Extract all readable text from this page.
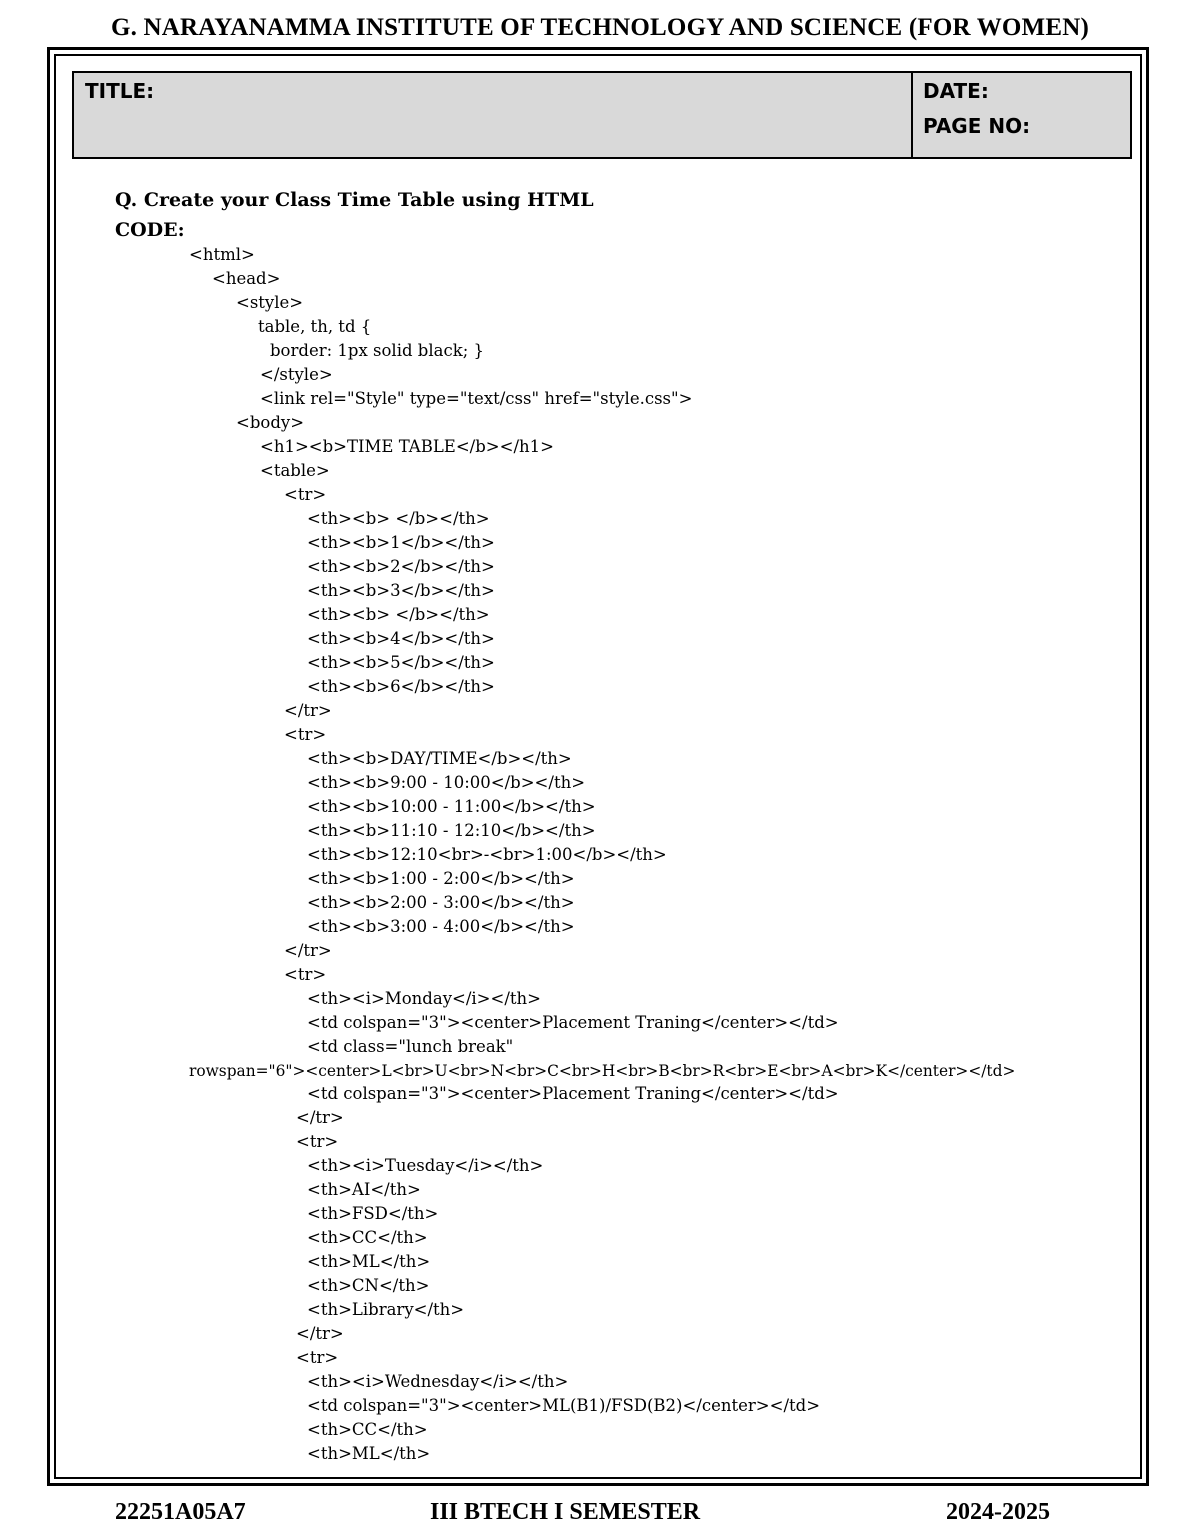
G. NARAYANAMMA INSTITUTE OF TECHNOLOGY AND SCIENCE (FOR WOMEN)
TITLE:	DATE:
PAGE NO:
Q. Create your Class Time Table using HTML
CODE:
<html>
<head>
<style>
table, th, td {
border: 1px solid black; }
</style>
<link rel="Style" type="text/css" href="style.css">
<body>
<h1><b>TIME TABLE</b></h1>
<table>
<tr>
<th><b> </b></th>
<th><b>1</b></th>
<th><b>2</b></th>
<th><b>3</b></th>
<th><b> </b></th>
<th><b>4</b></th>
<th><b>5</b></th>
<th><b>6</b></th>
</tr>
<tr>
<th><b>DAY/TIME</b></th>
<th><b>9:00 - 10:00</b></th>
<th><b>10:00 - 11:00</b></th>
<th><b>11:10 - 12:10</b></th>
<th><b>12:10<br>-<br>1:00</b></th>
<th><b>1:00 - 2:00</b></th>
<th><b>2:00 - 3:00</b></th>
<th><b>3:00 - 4:00</b></th>
</tr>
<tr>
<th><i>Monday</i></th>
<td colspan="3"><center>Placement Traning</center></td>
<td class="lunch break"
rowspan="6"><center>L<br>U<br>N<br>C<br>H<br>B<br>R<br>E<br>A<br>K</center></td>
<td colspan="3"><center>Placement Traning</center></td>
</tr>
<tr>
<th><i>Tuesday</i></th>
<th>AI</th>
<th>FSD</th>
<th>CC</th>
<th>ML</th>
<th>CN</th>
<th>Library</th>
</tr>
<tr>
<th><i>Wednesday</i></th>
<td colspan="3"><center>ML(B1)/FSD(B2)</center></td>
<th>CC</th>
<th>ML</th>
22251A05A7	III BTECH I SEMESTER	2024-2025
